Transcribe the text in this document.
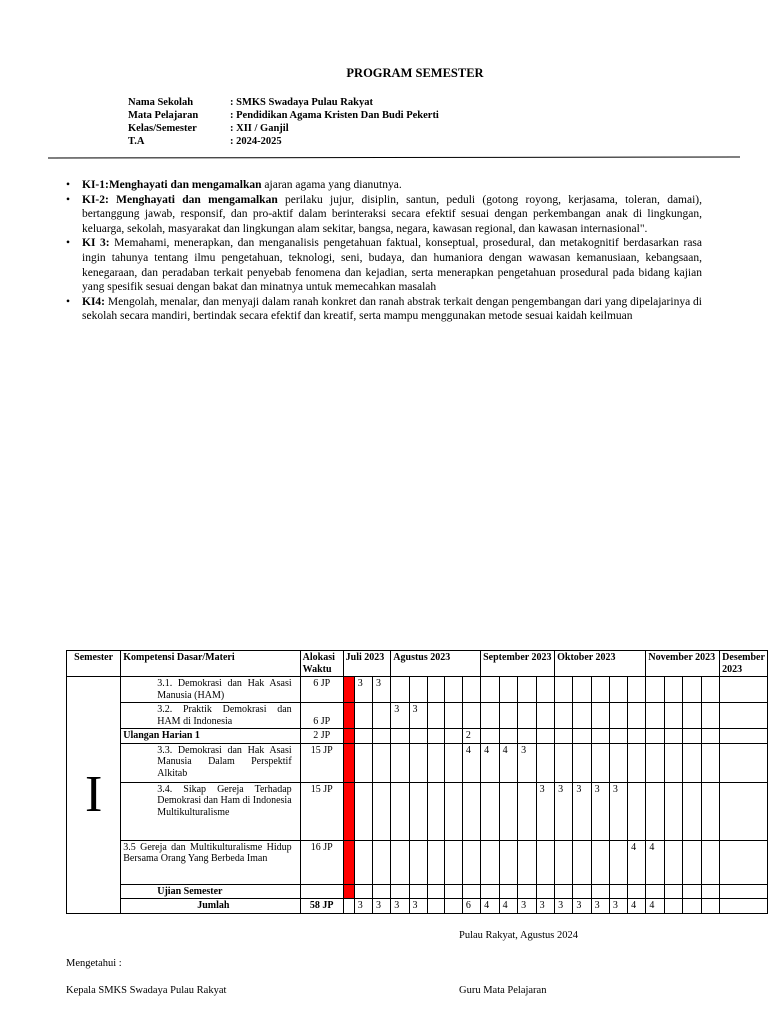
PROGRAM SEMESTER
Nama Sekolah	: SMKS Swadaya Pulau Rakyat
Mata Pelajaran	: Pendidikan Agama Kristen Dan Budi Pekerti
Kelas/Semester	: XII / Ganjil
T.A	: 2024-2025
• KI-1:Menghayati dan mengamalkan ajaran agama yang dianutnya.
• KI-2: Menghayati dan mengamalkan perilaku jujur, disiplin, santun, peduli (gotong royong, kerjasama, toleran, damai), bertanggung jawab, responsif, dan pro-aktif dalam berinteraksi secara efektif sesuai dengan perkembangan anak di lingkungan, keluarga, sekolah, masyarakat dan lingkungan alam sekitar, bangsa, negara, kawasan regional, dan kawasan internasional".
• KI 3: Memahami, menerapkan, dan menganalisis pengetahuan faktual, konseptual, prosedural, dan metakognitif berdasarkan rasa ingin tahunya tentang ilmu pengetahuan, teknologi, seni, budaya, dan humaniora dengan wawasan kemanusiaan, kebangsaan, kenegaraan, dan peradaban terkait penyebab fenomena dan kejadian, serta menerapkan pengetahuan prosedural pada bidang kajian yang spesifik sesuai dengan bakat dan minatnya untuk memecahkan masalah
• KI4: Mengolah, menalar, dan menyaji dalam ranah konkret dan ranah abstrak terkait dengan pengembangan dari yang dipelajarinya di sekolah secara mandiri, bertindak secara efektif dan kreatif, serta mampu menggunakan metode sesuai kaidah keilmuan
Semester	Kompetensi Dasar/Materi	Alokasi Waktu	Juli 2023			Agustus 2023					September 2023				Oktober 2023					November 2023				Desember 2023
I	3.1. Demokrasi dan Hak Asasi Manusia (HAM)	6 JP		3	3																			
	3.2. Praktik Demokrasi dan HAM di Indonesia	6 JP				3	3																	
	Ulangan Harian 1	2 JP								2														
	3.3. Demokrasi dan Hak Asasi Manusia Dalam Perspektif Alkitab	15 JP								4	4	4	3											
	3.4. Sikap Gereja Terhadap Demokrasi dan Ham di Indonesia Multikulturalisme	15 JP												3	3	3	3	3						
	3.5 Gereja dan Multikulturalisme Hidup Bersama Orang Yang Berbeda Iman	16 JP																	4	4				
	Ujian Semester																							
	Jumlah	58 JP		3	3	3	3			6	4	4	3	3	3	3	3	3	4	4				
Pulau Rakyat, Agustus 2024
Mengetahui :
Kepala SMKS Swadaya Pulau Rakyat	Guru Mata Pelajaran
